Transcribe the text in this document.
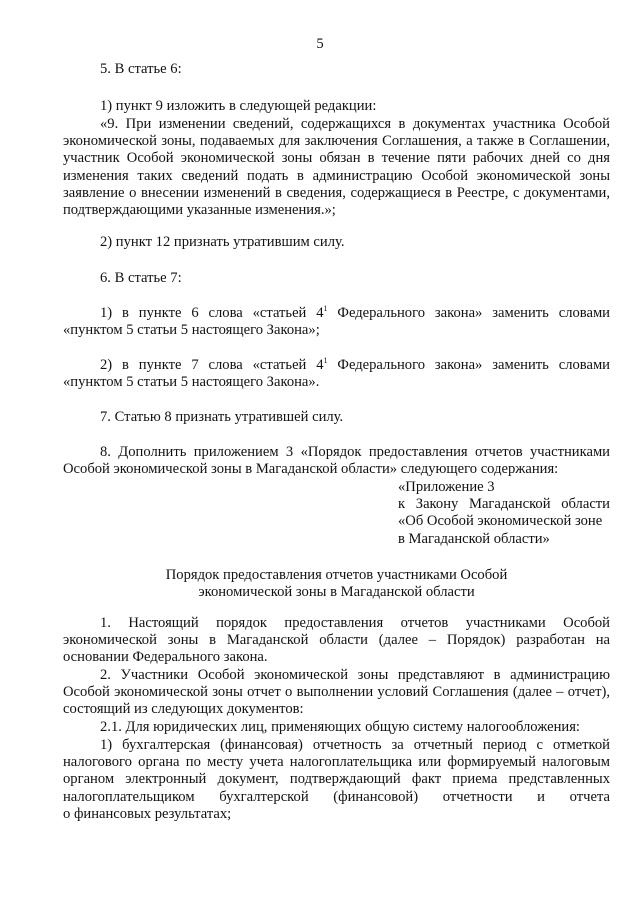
5

5. В статье 6:

1) пункт 9 изложить в следующей редакции:

«9. При изменении сведений, содержащихся в документах участника Особой экономической зоны, подаваемых для заключения Соглашения, а также в Соглашении, участник Особой экономической зоны обязан в течение пяти рабочих дней со дня изменения таких сведений подать в администрацию Особой экономической зоны заявление о внесении изменений в сведения, содержащиеся в Реестре, с документами, подтверждающими указанные изменения.»;

2) пункт 12 признать утратившим силу.

6. В статье 7:

1) в пункте 6 слова «статьей $4^1$ Федерального закона» заменить словами «пунктом 5 статьи 5 настоящего Закона»;

2) в пункте 7 слова «статьей $4^1$ Федерального закона» заменить словами «пунктом 5 статьи 5 настоящего Закона».

7. Статью 8 признать утратившей силу.

8. Дополнить приложением 3 «Порядок предоставления отчетов участниками Особой экономической зоны в Магаданской области» следующего содержания:

«Приложение 3
к Закону Магаданской области
«Об Особой экономической зоне
в Магаданской области»
Порядок предоставления отчетов участниками Особой
экономической зоны в Магаданской области

1. Настоящий порядок предоставления отчетов участниками Особой экономической зоны в Магаданской области (далее – Порядок) разработан на основании Федерального закона.

2. Участники Особой экономической зоны представляют в администрацию Особой экономической зоны отчет о выполнении условий Соглашения (далее – отчет), состоящий из следующих документов:

2.1. Для юридических лиц, применяющих общую систему налогообложения:

1) бухгалтерская (финансовая) отчетность за отчетный период с отметкой налогового органа по месту учета налогоплательщика или формируемый налоговым органом электронный документ, подтверждающий факт приема представленных налогоплательщиком бухгалтерской (финансовой) отчетности и отчета

о финансовых результатах;
